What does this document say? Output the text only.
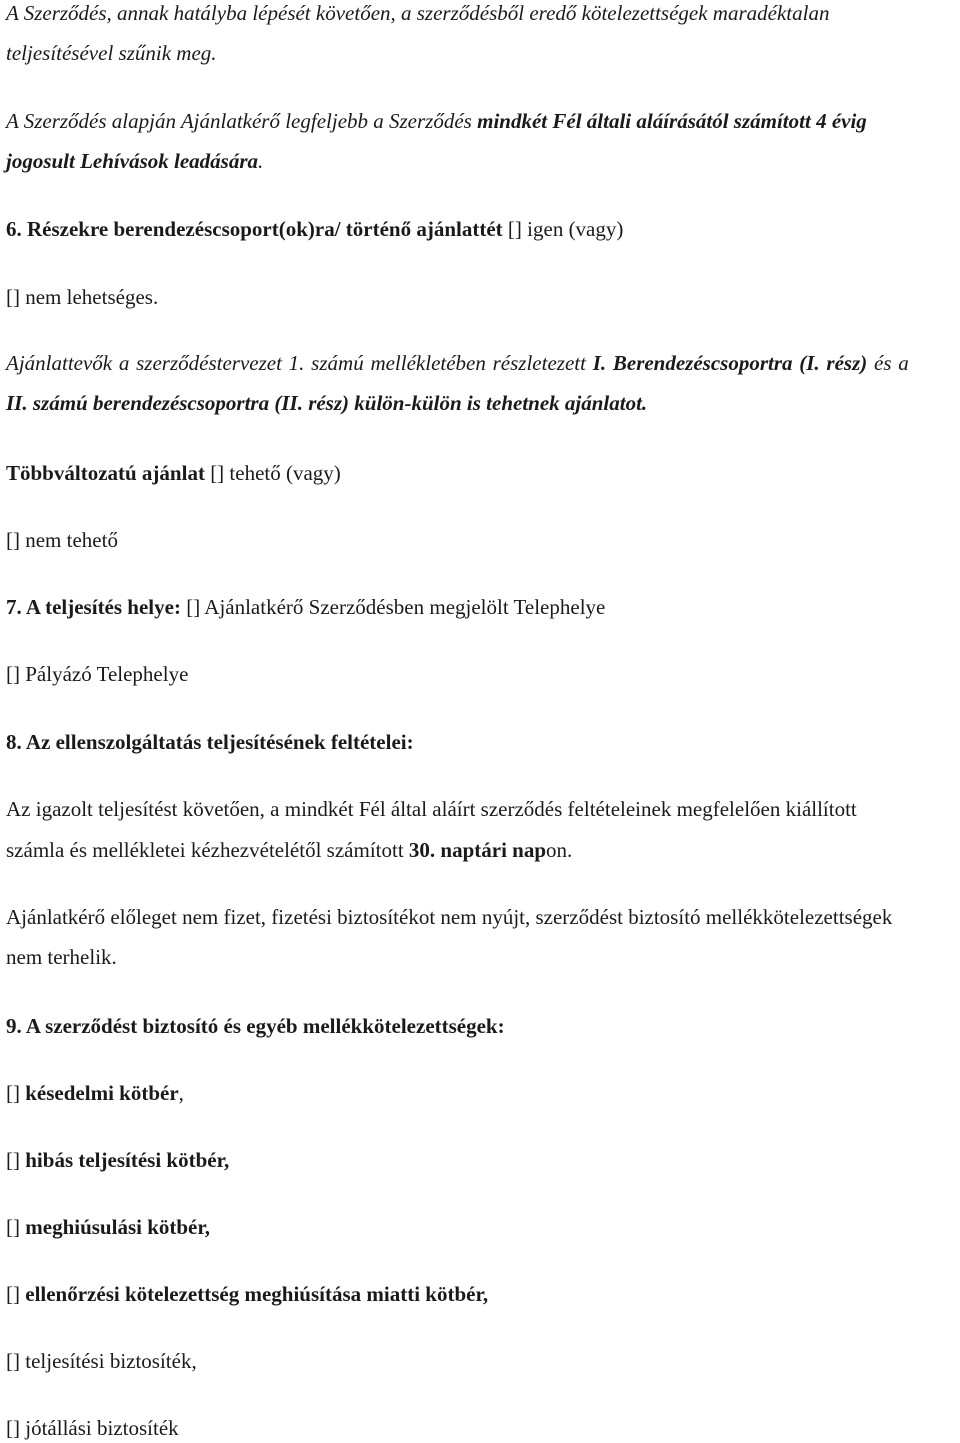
A Szerződés, annak hatályba lépését követően, a szerződésből eredő kötelezettségek maradéktalan
teljesítésével szűnik meg.
A Szerződés alapján Ajánlatkérő legfeljebb a Szerződés mindkét Fél általi aláírásától számított 4 évig
jogosult Lehívások leadására.
6. Részekre berendezéscsoport(ok)ra/ történő ajánlattét [] igen (vagy)
[] nem lehetséges.
Ajánlattevők a szerződéstervezet 1. számú mellékletében részletezett I. Berendezéscsoportra (I. rész) és a
II. számú berendezéscsoportra (II. rész) külön-külön is tehetnek ajánlatot.
Többváltozatú ajánlat [] tehető (vagy)
[] nem tehető
7. A teljesítés helye: [] Ajánlatkérő Szerződésben megjelölt Telephelye
[] Pályázó Telephelye
8. Az ellenszolgáltatás teljesítésének feltételei:
Az igazolt teljesítést követően, a mindkét Fél által aláírt szerződés feltételeinek megfelelően kiállított
számla és mellékletei kézhezvételétől számított 30. naptári napon.
Ajánlatkérő előleget nem fizet, fizetési biztosítékot nem nyújt, szerződést biztosító mellékkötelezettségek
nem terhelik.
9. A szerződést biztosító és egyéb mellékkötelezettségek:
[] késedelmi kötbér,
[] hibás teljesítési kötbér,
[] meghiúsulási kötbér,
[] ellenőrzési kötelezettség meghiúsítása miatti kötbér,
[] teljesítési biztosíték,
[] jótállási biztosíték
